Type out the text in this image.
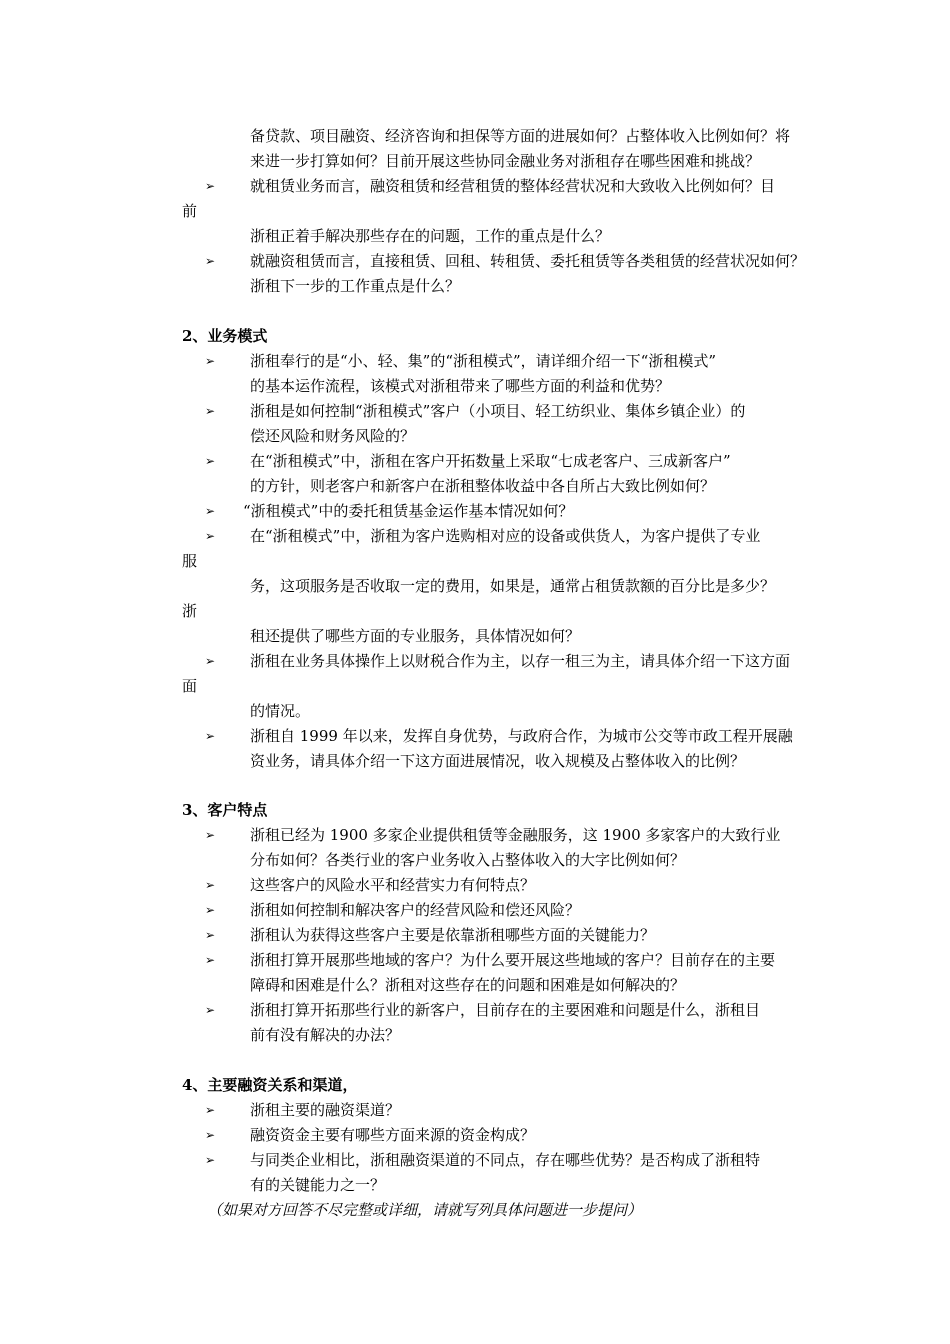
备贷款、项目融资、经济咨询和担保等方面的进展如何？占整体收入比例如何？将
来进一步打算如何？目前开展这些协同金融业务对浙租存在哪些困难和挑战？
➢ 就租赁业务而言，融资租赁和经营租赁的整体经营状况和大致收入比例如何？目
前
浙租正着手解决那些存在的问题，工作的重点是什么？
➢ 就融资租赁而言，直接租赁、回租、转租赁、委托租赁等各类租赁的经营状况如何？
浙租下一步的工作重点是什么？
2、业务模式
➢ 浙租奉行的是“小、轻、集”的“浙租模式”，请详细介绍一下“浙租模式”
的基本运作流程，该模式对浙租带来了哪些方面的利益和优势？
➢ 浙租是如何控制“浙租模式”客户（小项目、轻工纺织业、集体乡镇企业）的
偿还风险和财务风险的？
➢ 在“浙租模式”中，浙租在客户开拓数量上采取“七成老客户、三成新客户”
的方针，则老客户和新客户在浙租整体收益中各自所占大致比例如何？
➢ “浙租模式”中的委托租赁基金运作基本情况如何？
➢ 在“浙租模式”中，浙租为客户选购相对应的设备或供货人，为客户提供了专业
服
务，这项服务是否收取一定的费用，如果是，通常占租赁款额的百分比是多少？
浙
租还提供了哪些方面的专业服务，具体情况如何？
➢ 浙租在业务具体操作上以财税合作为主，以存一租三为主，请具体介绍一下这方面
面
的情况。
➢ 浙租自 1999 年以来，发挥自身优势，与政府合作，为城市公交等市政工程开展融
资业务，请具体介绍一下这方面进展情况，收入规模及占整体收入的比例？
3、客户特点
➢ 浙租已经为 1900 多家企业提供租赁等金融服务，这 1900 多家客户的大致行业
分布如何？各类行业的客户业务收入占整体收入的大字比例如何？
➢ 这些客户的风险水平和经营实力有何特点？
➢ 浙租如何控制和解决客户的经营风险和偿还风险？
➢ 浙租认为获得这些客户主要是依靠浙租哪些方面的关键能力？
➢ 浙租打算开展那些地域的客户？为什么要开展这些地域的客户？目前存在的主要
障碍和困难是什么？浙租对这些存在的问题和困难是如何解决的？
➢ 浙租打算开拓那些行业的新客户，目前存在的主要困难和问题是什么，浙租目
前有没有解决的办法？
4、主要融资关系和渠道，
➢ 浙租主要的融资渠道？
➢ 融资资金主要有哪些方面来源的资金构成？
➢ 与同类企业相比，浙租融资渠道的不同点，存在哪些优势？是否构成了浙租特
有的关键能力之一？
（如果对方回答不尽完整或详细，请就写列具体问题进一步提问）
